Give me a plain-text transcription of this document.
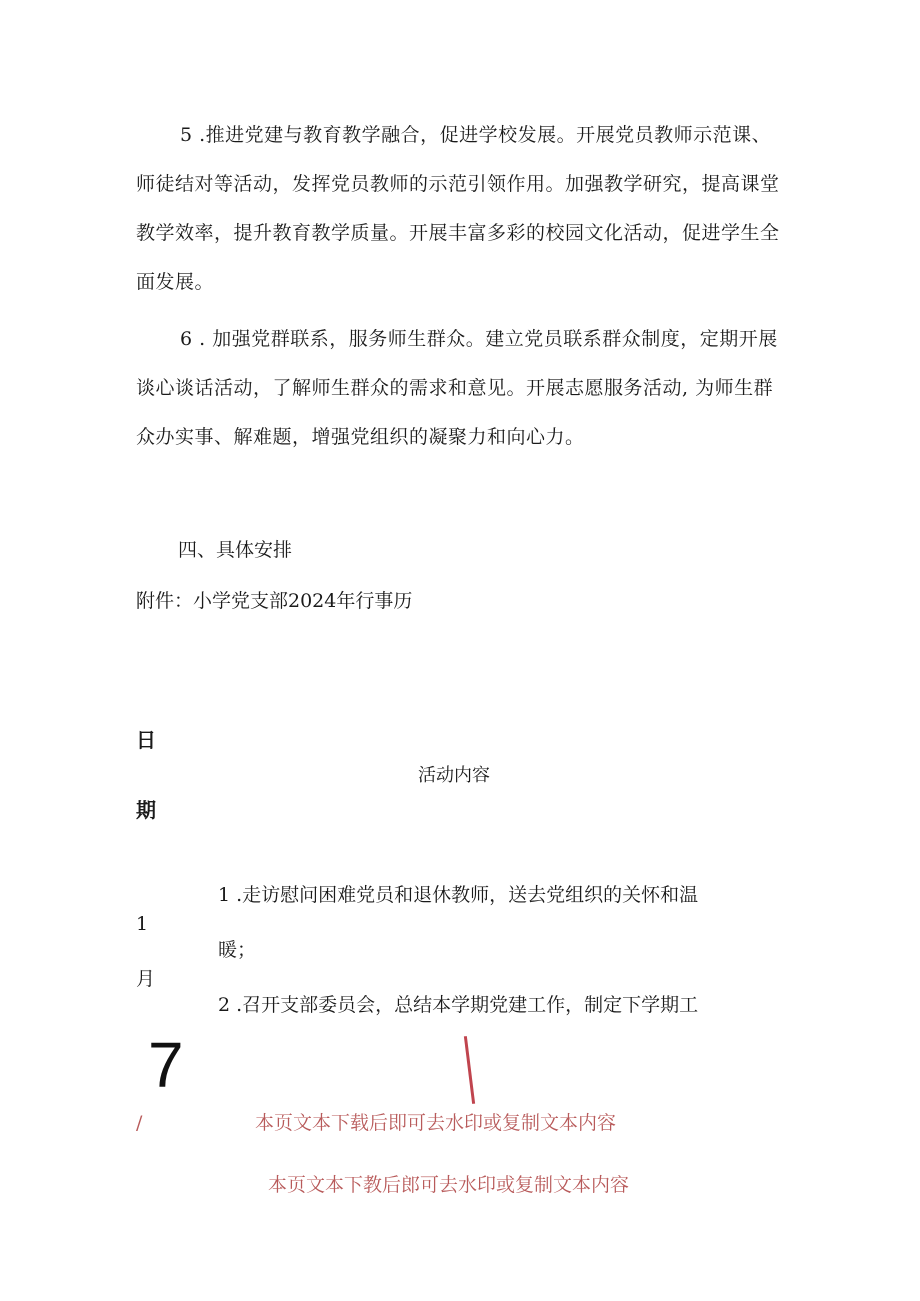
5 .推进党建与教育教学融合，促进学校发展。开展党员教师示范课、师徒结对等活动，发挥党员教师的示范引领作用。加强教学研究，提高课堂教学效率，提升教育教学质量。开展丰富多彩的校园文化活动，促进学生全面发展。

6 . 加强党群联系，服务师生群众。建立党员联系群众制度，定期开展谈心谈话活动，了解师生群众的需求和意见。开展志愿服务活动, 为师生群众办实事、解难题，增强党组织的凝聚力和向心力。

四、具体安排
附件：小学党支部2024年行事历
日
活动内容
期
1 .走访慰问困难党员和退休教师，送去党组织的关怀和温
1
暖；
月
2 .召开支部委员会，总结本学期党建工作，制定下学期工
7
/	本页文本下载后即可去水印或复制文本内容
本页文本下教后郎可去水印或复制文本内容
